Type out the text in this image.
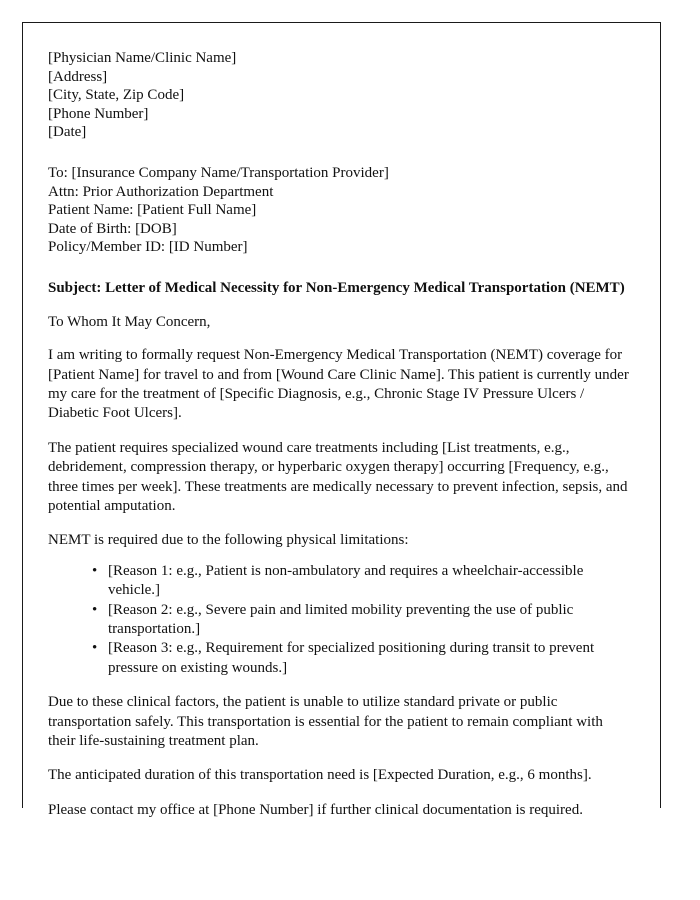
[Physician Name/Clinic Name]
[Address]
[City, State, Zip Code]
[Phone Number]
[Date]
To: [Insurance Company Name/Transportation Provider]
Attn: Prior Authorization Department
Patient Name: [Patient Full Name]
Date of Birth: [DOB]
Policy/Member ID: [ID Number]
Subject: Letter of Medical Necessity for Non-Emergency Medical Transportation (NEMT)
To Whom It May Concern,

I am writing to formally request Non-Emergency Medical Transportation (NEMT) coverage for [Patient Name] for travel to and from [Wound Care Clinic Name]. This patient is currently under my care for the treatment of [Specific Diagnosis, e.g., Chronic Stage IV Pressure Ulcers / Diabetic Foot Ulcers].

The patient requires specialized wound care treatments including [List treatments, e.g., debridement, compression therapy, or hyperbaric oxygen therapy] occurring [Frequency, e.g., three times per week]. These treatments are medically necessary to prevent infection, sepsis, and potential amputation.

NEMT is required due to the following physical limitations:

• [Reason 1: e.g., Patient is non-ambulatory and requires a wheelchair-accessible vehicle.]
• [Reason 2: e.g., Severe pain and limited mobility preventing the use of public transportation.]
• [Reason 3: e.g., Requirement for specialized positioning during transit to prevent pressure on existing wounds.]

Due to these clinical factors, the patient is unable to utilize standard private or public transportation safely. This transportation is essential for the patient to remain compliant with their life-sustaining treatment plan.

The anticipated duration of this transportation need is [Expected Duration, e.g., 6 months].

Please contact my office at [Phone Number] if further clinical documentation is required.
